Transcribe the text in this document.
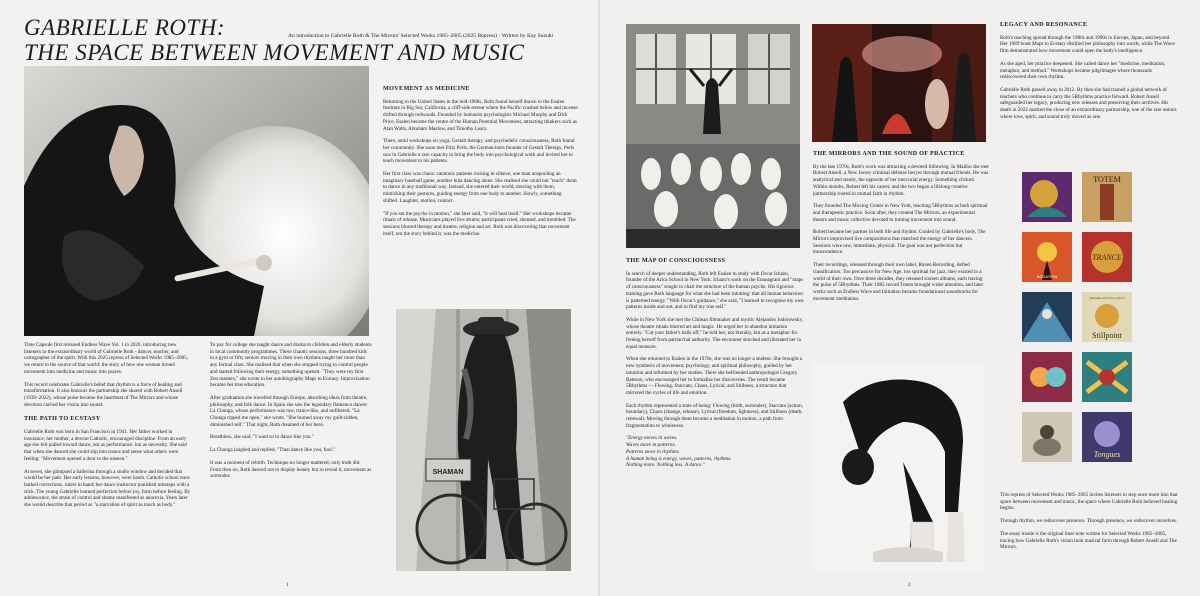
GABRIELLE ROTH:
THE SPACE BETWEEN MOVEMENT AND MUSIC
An introduction to Gabrielle Roth & The Mirrors' Selected Works 1985–2005 (2025 Repress) · Written by Kay Suzuki

Time Capsule first reissued Endless Wave Vol. 1 in 2020, introducing new listeners to the extraordinary world of Gabrielle Roth - dancer, teacher, and cartographer of the spirit. With this 2025 repress of Selected Works 1985–2005, we return to the source of that world: the story of how one woman turned movement into medicine and music into prayer.

This record celebrates Gabrielle's belief that rhythm is a force of healing and transformation. It also honours the partnership she shared with Robert Ansell (1939–2022), whose pulse became the heartbeat of The Mirrors and whose devotion carried her vision into sound.

THE PATH TO ECSTASY

Gabrielle Roth was born in San Francisco in 1941. Her father worked in insurance; her mother, a devout Catholic, encouraged discipline. From an early age she felt pulled toward dance, not as performance, but as necessity. She said that when she danced she could slip into trance and sense what others were feeling: "Movement opened a door to the unseen."

At seven, she glimpsed a ballerina through a studio window and decided that would be her path. Her early lessons, however, were harsh. Catholic school nuns barked corrections, rulers in hand; her dance instructor punished missteps with a stick. The young Gabrielle learned perfection before joy, form before feeling. By adolescence, the strain of control and shame manifested as anorexia. Years later she would describe that period as "a starvation of spirit as much as body."

To pay for college she taught dance and drama to children and elderly students in local community programmes. These chaotic sessions, three hundred kids in a gym or fifty seniors moving in their own rhythms taught her more than any formal class. She realised that when she stopped trying to control people and started following their energy, something opened. "They were my first Zen masters," she wrote in her autobiography Maps to Ecstasy. Improvisation became her true education.

After graduation she travelled through Europe, absorbing ideas from theatre, philosophy, and folk dance. In Spain she saw the legendary flamenco dancer La Chunga, whose performance was raw, trance-like, and unfiltered. "La Chunga ripped me open," she wrote. "She burned away my guilt-ridden, diminished self." That night, Roth dreamed of her hero.

Breathless, she said, "I want so to dance like you."

La Chunga laughed and replied, "Then dance like you, fool."

It was a moment of rebirth. Technique no longer mattered; only truth did. From then on, Roth danced not to display beauty but to reveal it, movement as surrender.

MOVEMENT AS MEDICINE

Returning to the United States in the mid-1960s, Roth found herself drawn to the Esalen Institute in Big Sur, California, a cliff-side retreat where the Pacific crashed below and incense drifted through redwoods. Founded by humanist psychologists Michael Murphy and Dick Price, Esalen became the centre of the Human Potential Movement, attracting thinkers such as Alan Watts, Abraham Maslow, and Timothy Leary.

There, amid workshops on yoga, Gestalt therapy, and psychedelic consciousness, Roth found her community. She soon met Fritz Perls, the German-born founder of Gestalt Therapy. Perls saw in Gabrielle a rare capacity to bring the body into psychological work and invited her to teach movement to his patients.

Her first class was chaos: catatonic patients rocking in silence, one man unspooling an imaginary baseball game, another hula dancing alone. She realised she could not "teach" them to dance in any traditional way. Instead, she entered their world, moving with them, mimicking their gestures, guiding energy from one body to another. Slowly, something shifted. Laughter, motion, contact.

"If you set the psyche in motion," she later said, "it will heal itself." Her workshops became rituals of release. Musicians played live drums; participants cried, shouted, and trembled. The sessions blurred therapy and theatre, religion and art. Roth was discovering that movement itself, not the story behind it, was the medicine.

SHAMAN
1
THE MAP OF CONSCIOUSNESS

In search of deeper understanding, Roth left Esalen to study with Oscar Ichazo, founder of the Arica School in New York. Ichazo's work on the Enneagram and "maps of consciousness" sought to chart the structure of the human psyche. His rigorous training gave Roth language for what she had been intuiting: that all human behaviour is patterned energy. "With Oscar's guidance," she said, "I learned to recognise my own patterns inside and out, and to find my true self."

While in New York she met the Chilean filmmaker and mystic Alejandro Jodorowsky, whose theatre rituals blurred art and magic. He urged her to abandon imitation entirely. "Cut your father's balls off," he told her, not literally, but as a metaphor for freeing herself from patriarchal authority. The encounter shocked and liberated her in equal measure.

When she returned to Esalen in the 1970s, she was no longer a student. She brought a new synthesis of movement, psychology, and spiritual philosophy, guided by her intuition and informed by her studies. There she befriended anthropologist Gregory Bateson, who encouraged her to formalise her discoveries. The result became 5Rhythms — Flowing, Staccato, Chaos, Lyrical, and Stillness, a structure that mirrored the cycles of life and emotion.

Each rhythm represented a state of being: Flowing (birth, surrender), Staccato (action, boundary), Chaos (change, release), Lyrical (freedom, lightness), and Stillness (death, renewal). Moving through them became a meditation in motion, a path from fragmentation to wholeness.

"Energy moves in waves.
Waves move in patterns.
Patterns move in rhythms.
A human being is energy, waves, patterns, rhythms.
Nothing more. Nothing less. A dance."

THE MIRRORS AND THE SOUND OF PRACTICE

By the late 1970s, Roth's work was attracting a devoted following. In Malibu she met Robert Ansell, a New Jersey criminal defense lawyer through mutual friends. He was analytical and steady, the opposite of her mercurial energy. Something clicked. Within months, Robert left his career, and the two began a lifelong creative partnership rooted in mutual faith in rhythm.

They founded The Moving Center in New York, teaching 5Rhythms as both spiritual and therapeutic practice. Soon after, they created The Mirrors, an experimental theatre and music collective devoted to turning movement into sound.

Robert became her partner in both life and rhythm. Guided by Gabrielle's body, The Mirrors improvised live compositions that matched the energy of her dancers. Sessions were raw, immediate, physical. The goal was not perfection but transcendence.

Their recordings, released through their own label, Raven Recording, defied classification. Too percussive for New Age, too spiritual for jazz, they existed in a world of their own. Over three decades, they released sixteen albums, each tracing the pulse of 5Rhythms. Their 1985 record Totem brought wider attention, and later works such as Endless Wave and Initiation became foundational soundtracks for movement meditation.

LEGACY AND RESONANCE

Roth's teaching spread through the 1980s and 1990s to Europe, Japan, and beyond. Her 1989 book Maps to Ecstasy distilled her philosophy into words, while The Wave film demonstrated how movement could open the body's intelligence.

As she aged, her practice deepened. She called dance her "medicine, meditation, metaphor, and method." Workshops became pilgrimages where thousands rediscovered their own rhythm.

Gabrielle Roth passed away in 2012. By then she had trained a global network of teachers who continue to carry the 5Rhythms practice forward. Robert Ansell safeguarded her legacy, producing new releases and preserving their archives. His death in 2022 marked the close of an extraordinary partnership, one of the rare unions where love, spirit, and sound truly moved as one.

TOTEM
INITIATION
TRANCE
gabrielle roth & the mirrors
Stillpoint
Tongues

This repress of Selected Works 1985–2005 invites listeners to step once more into that space between movement and music, the space where Gabrielle Roth believed healing begins.

Through rhythm, we rediscover presence. Through presence, we rediscover ourselves.

The essay inside is the original liner note written for Selected Works 1985–2005, tracing how Gabrielle Roth's vision took musical form through Robert Ansell and The Mirrors.

2
